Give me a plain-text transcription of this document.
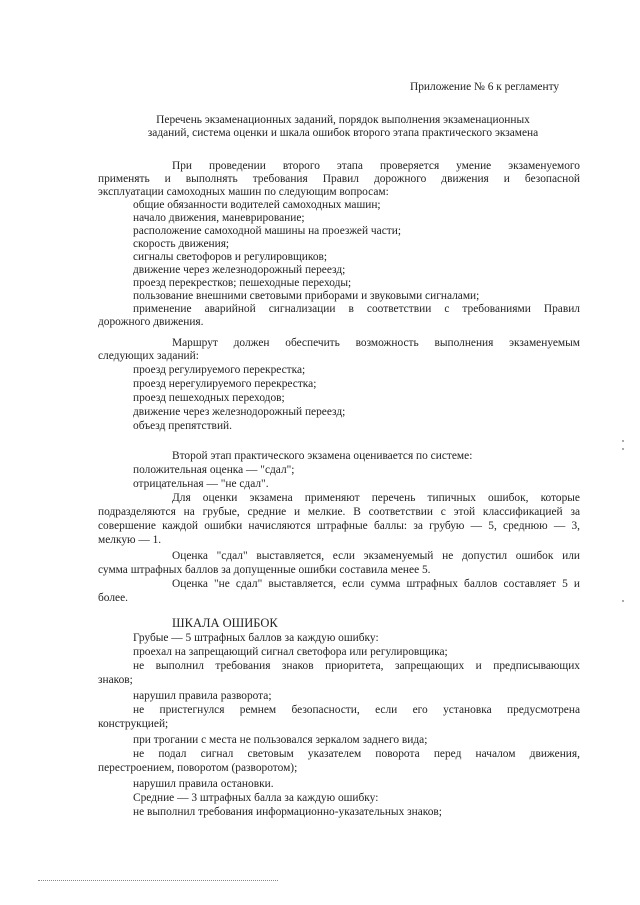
Приложение № 6 к регламенту
Перечень экзаменационных заданий, порядок выполнения экзаменационных
заданий, система оценки и шкала ошибок второго этапа практического экзамена
При проведении второго этапа проверяется умение экзаменуемого
применять и выполнять требования Правил дорожного движения и безопасной
эксплуатации самоходных машин по следующим вопросам:
общие обязанности водителей самоходных машин;
начало движения, маневрирование;
расположение самоходной машины на проезжей части;
скорость движения;
сигналы светофоров и регулировщиков;
движение через железнодорожный переезд;
проезд перекрестков; пешеходные переходы;
пользование внешними световыми приборами и звуковыми сигналами;
применение аварийной сигнализации в соответствии с требованиями Правил
дорожного движения.
Маршрут должен обеспечить возможность выполнения экзаменуемым
следующих заданий:
проезд регулируемого перекрестка;
проезд нерегулируемого перекрестка;
проезд пешеходных переходов;
движение через железнодорожный переезд;
объезд препятствий.
Второй этап практического экзамена оценивается по системе:
положительная оценка — "сдал";
отрицательная — "не сдал".
Для оценки экзамена применяют перечень типичных ошибок, которые
подразделяются на грубые, средние и мелкие. В соответствии с этой классификацией за
совершение каждой ошибки начисляются штрафные баллы: за грубую — 5, среднюю — 3,
мелкую — 1.
Оценка "сдал" выставляется, если экзаменуемый не допустил ошибок или
сумма штрафных баллов за допущенные ошибки составила менее 5.
Оценка "не сдал" выставляется, если сумма штрафных баллов составляет 5 и
более.
ШКАЛА ОШИБОК
Грубые — 5 штрафных баллов за каждую ошибку:
проехал на запрещающий сигнал светофора или регулировщика;
не выполнил требования знаков приоритета, запрещающих и предписывающих
знаков;
нарушил правила разворота;
не пристегнулся ремнем безопасности, если его установка предусмотрена
конструкцией;
при трогании с места не пользовался зеркалом заднего вида;
не подал сигнал световым указателем поворота перед началом движения,
перестроением, поворотом (разворотом);
нарушил правила остановки.
Средние — 3 штрафных балла за каждую ошибку:
не выполнил требования информационно-указательных знаков;
